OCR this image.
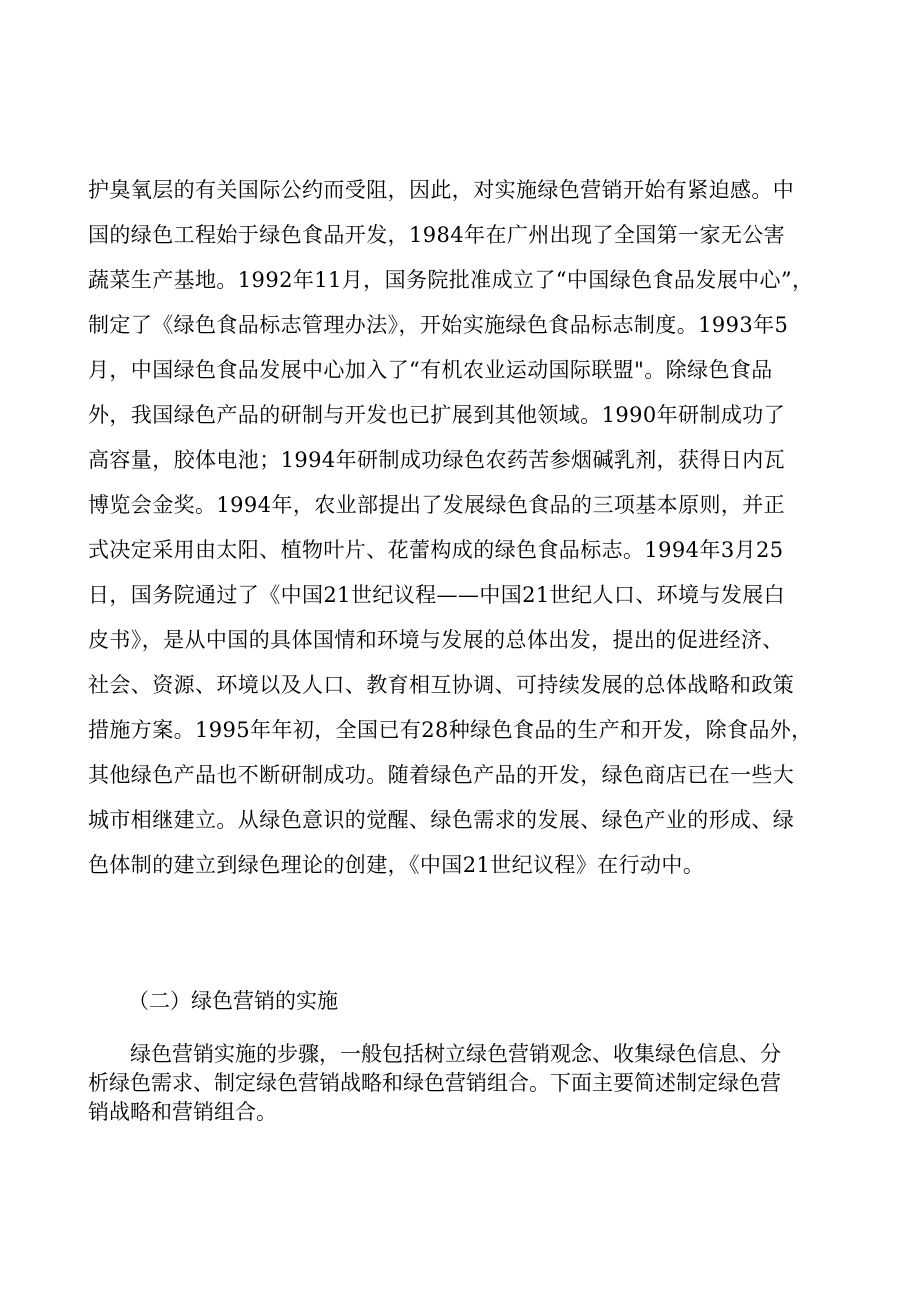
护臭氧层的有关国际公约而受阻，因此，对实施绿色营销开始有紧迫感。中
国的绿色工程始于绿色食品开发，1984年在广州出现了全国第一家无公害
蔬菜生产基地。1992年11月，国务院批准成立了“中国绿色食品发展中心”，
制定了《绿色食品标志管理办法》，开始实施绿色食品标志制度。1993年5
月，中国绿色食品发展中心加入了“有机农业运动国际联盟"。除绿色食品
外，我国绿色产品的研制与开发也已扩展到其他领域。1990年研制成功了
高容量，胶体电池；1994年研制成功绿色农药苦参烟碱乳剂，获得日内瓦
博览会金奖。1994年，农业部提出了发展绿色食品的三项基本原则，并正
式决定采用由太阳、植物叶片、花蕾构成的绿色食品标志。1994年3月25
日，国务院通过了《中国21世纪议程——中国21世纪人口、环境与发展白
皮书》，是从中国的具体国情和环境与发展的总体出发，提出的促进经济、
社会、资源、环境以及人口、教育相互协调、可持续发展的总体战略和政策
措施方案。1995年年初，全国已有28种绿色食品的生产和开发，除食品外，
其他绿色产品也不断研制成功。随着绿色产品的开发，绿色商店已在一些大
城市相继建立。从绿色意识的觉醒、绿色需求的发展、绿色产业的形成、绿
色体制的建立到绿色理论的创建，《中国21世纪议程》在行动中。
（二）绿色营销的实施
绿色营销实施的步骤，一般包括树立绿色营销观念、收集绿色信息、分
析绿色需求、制定绿色营销战略和绿色营销组合。下面主要简述制定绿色营
销战略和营销组合。
